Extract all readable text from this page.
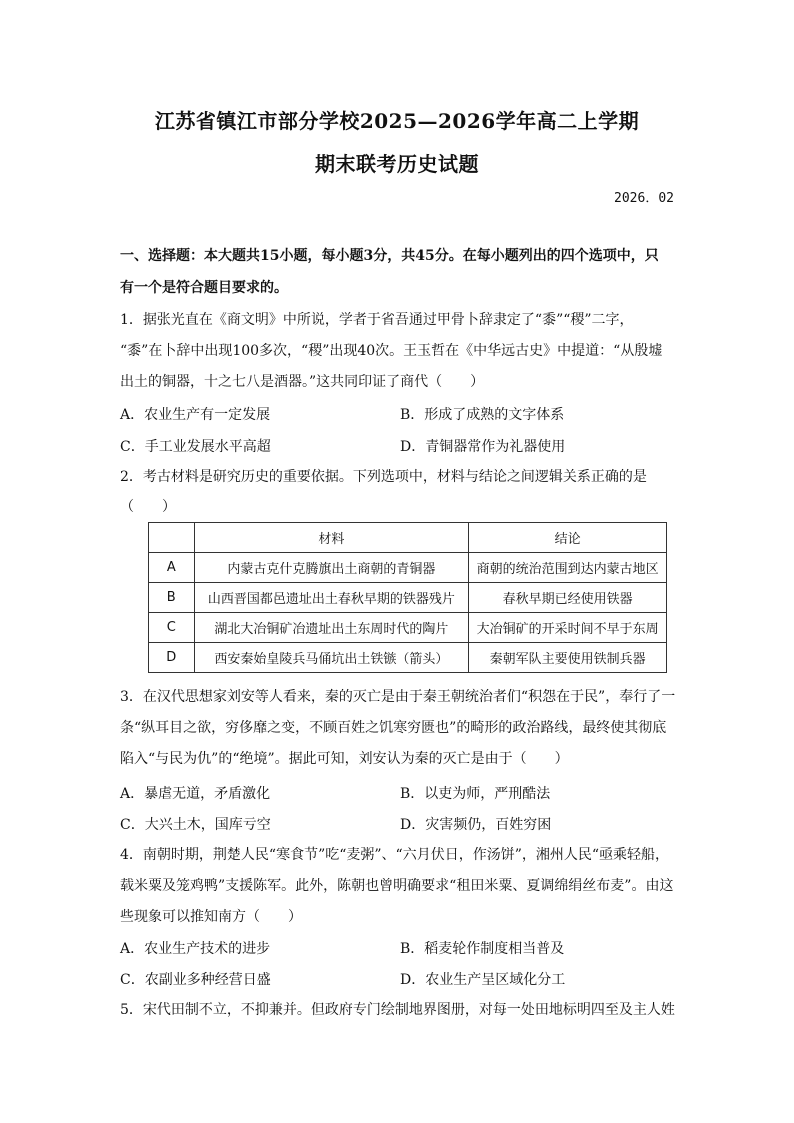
江苏省镇江市部分学校2025—2026学年高二上学期
期末联考历史试题
2026．02
一、选择题：本大题共15小题，每小题3分，共45分。在每小题列出的四个选项中，只
有一个是符合题目要求的。
1．据张光直在《商文明》中所说，学者于省吾通过甲骨卜辞隶定了“黍”“稷”二字，
“黍”在卜辞中出现100多次，“稷”出现40次。王玉哲在《中华远古史》中提道：“从殷墟
出土的铜器，十之七八是酒器。”这共同印证了商代（　　）
A．农业生产有一定发展	B．形成了成熟的文字体系
C．手工业发展水平高超	D．青铜器常作为礼器使用
2．考古材料是研究历史的重要依据。下列选项中，材料与结论之间逻辑关系正确的是
（　　）
	材料	结论
A	内蒙古克什克腾旗出土商朝的青铜器	商朝的统治范围到达内蒙古地区
B	山西晋国都邑遗址出土春秋早期的铁器残片	春秋早期已经使用铁器
C	湖北大冶铜矿冶遗址出土东周时代的陶片	大冶铜矿的开采时间不早于东周
D	西安秦始皇陵兵马俑坑出土铁镞（箭头）	秦朝军队主要使用铁制兵器
3．在汉代思想家刘安等人看来，秦的灭亡是由于秦王朝统治者们“积怨在于民”，奉行了一
条“纵耳目之欲，穷侈靡之变，不顾百姓之饥寒穷匮也”的畸形的政治路线，最终使其彻底
陷入“与民为仇”的“绝境”。据此可知，刘安认为秦的灭亡是由于（　　）
A．暴虐无道，矛盾激化	B．以吏为师，严刑酷法
C．大兴土木，国库亏空	D．灾害频仍，百姓穷困
4．南朝时期，荆楚人民“寒食节”吃“麦粥”、“六月伏日，作汤饼”，湘州人民“亟乘轻船，
载米粟及笼鸡鸭”支援陈军。此外，陈朝也曾明确要求“租田米粟、夏调绵绢丝布麦”。由这
些现象可以推知南方（　　）
A．农业生产技术的进步	B．稻麦轮作制度相当普及
C．农副业多种经营日盛	D．农业生产呈区域化分工
5．宋代田制不立，不抑兼并。但政府专门绘制地界图册，对每一处田地标明四至及主人姓
